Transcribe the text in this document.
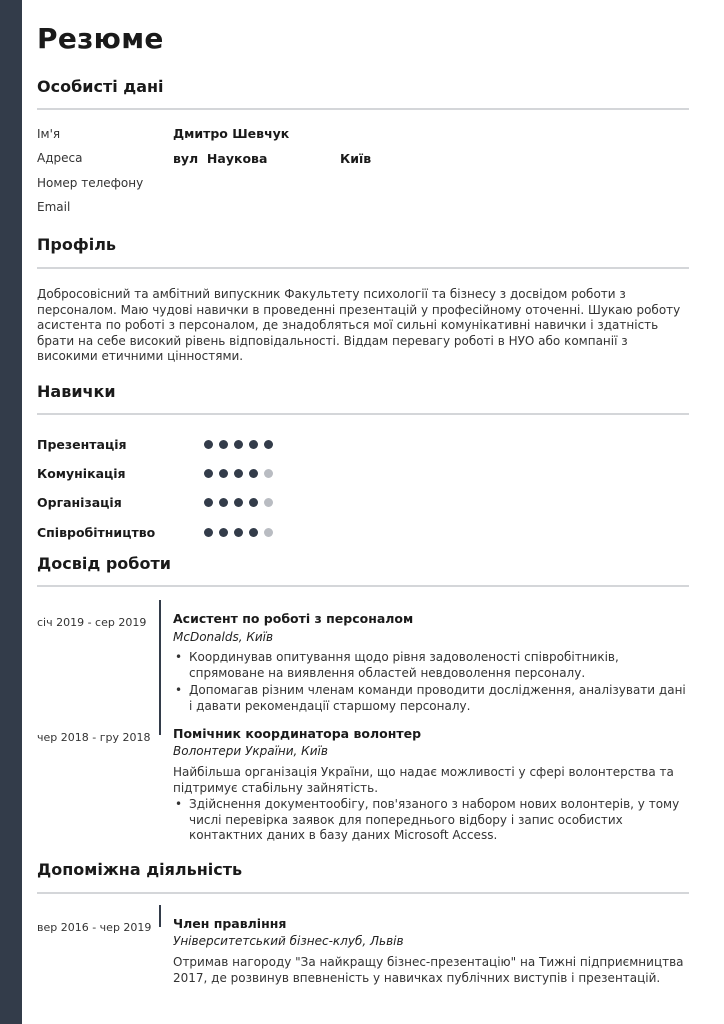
Резюме
Особисті дані
Ім'я	Дмитро Шевчук
Адреса	вул  Наукова	Київ
Номер телефону
Email
Профіль
Добросовісний та амбітний випускник Факультету психології та бізнесу з досвідом роботи з персоналом. Маю чудові навички в проведенні презентацій у професійному оточенні. Шукаю роботу асистента по роботі з персоналом, де знадобляться мої сильні комунікативні навички і здатність брати на себе високий рівень відповідальності. Віддам перевагу роботі в НУО або компанії з високими етичними цінностями.
Навички
Презентація
Комунікація
Організація
Співробітництво
Досвід роботи
січ 2019 - сер 2019 Асистент по роботі з персоналом
McDonalds, Київ
• Координував опитування щодо рівня задоволеності співробітників, спрямоване на виявлення областей невдоволення персоналу.
• Допомагав різним членам команди проводити дослідження, аналізувати дані і давати рекомендації старшому персоналу.
чер 2018 - гру 2018 Помічник координатора волонтер
Волонтери України, Київ
Найбільша організація України, що надає можливості у сфері волонтерства та підтримує стабільну зайнятість.
• Здійснення документообігу, пов'язаного з набором нових волонтерів, у тому числі перевірка заявок для попереднього відбору і запис особистих контактних даних в базу даних Microsoft Access.
Допоміжна діяльність
вер 2016 - чер 2019 Член правління
Університетський бізнес-клуб, Львів
Отримав нагороду "За найкращу бізнес-презентацію" на Тижні підприємництва 2017, де розвинув впевненість у навичках публічних виступів і презентацій.
